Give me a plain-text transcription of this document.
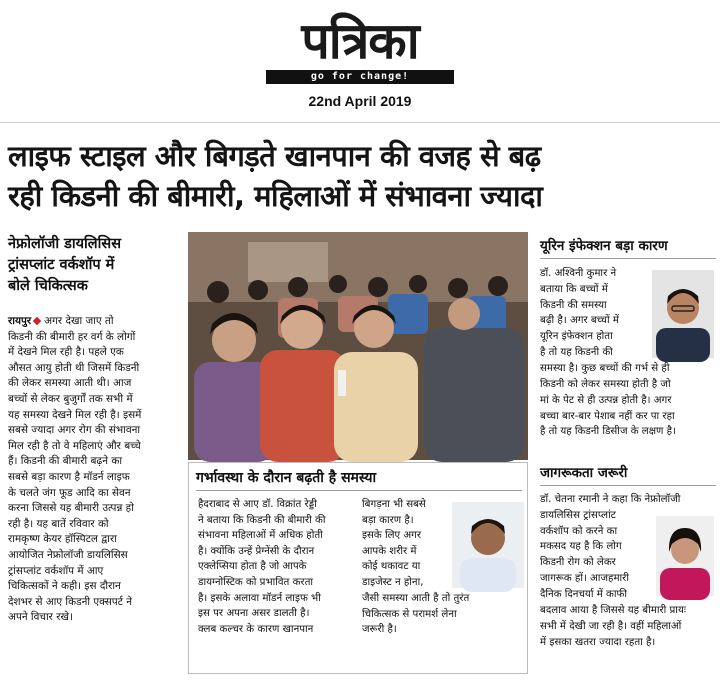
पत्रिका
go for change!
22nd April 2019
लाइफ स्टाइल और बिगड़ते खानपान की वजह से बढ़
रही किडनी की बीमारी, महिलाओं में संभावना ज्यादा
नेफ्रोलॉजी डायलिसिस
ट्रांसप्लांट वर्कशॉप में
बोले चिकित्सक
रायपुर अगर देखा जाए तो
किडनी की बीमारी हर वर्ग के लोगों
में देखने मिल रही है। पहले एक
औसत आयु होती थी जिसमें किडनी
की लेकर समस्या आती थी। आज
बच्चों से लेकर बुजुर्गों तक सभी में
यह समस्या देखने मिल रही है। इसमें
सबसे ज्यादा अगर रोग की संभावना
मिल रही है तो वे महिलाएं और बच्चे
हैं। किडनी की बीमारी बढ़ने का
सबसे बड़ा कारण है मॉडर्न लाइफ
के चलते जंग फूड आदि का सेवन
करना जिससे यह बीमारी उत्पन्न हो
रही है। यह बातें रविवार को
रामकृष्ण केयर हॉस्पिटल द्वारा
आयोजित नेफ्रोलॉजी डायलिसिस
ट्रांसप्लांट वर्कशॉप में आए
चिकित्सकों ने कही। इस दौरान
देशभर से आए किडनी एक्सपर्ट ने
अपने विचार रखे।
गर्भावस्था के दौरान बढ़ती है समस्या
हैदराबाद से आए डॉ. विक्रांत रेड्डी
ने बताया कि किडनी की बीमारी की
संभावना महिलाओं में अधिक होती
है। क्योंकि उन्हें प्रेग्नेंसी के दौरान
एक्लेप्सिया होता है जो आपके
डायग्नोस्टिक को प्रभावित करता
है। इसके अलावा मॉडर्न लाइफ भी
इस पर अपना असर डालती है।
क्लब कल्चर के कारण खानपान
बिगड़ना भी सबसे
बड़ा कारण है।
इसके लिए अगर
आपके शरीर में
कोई थकावट या
डाइजेस्ट न होना,
जैसी समस्या आती है तो तुरंत
चिकित्सक से परामर्श लेना
जरूरी है।
यूरिन इंफेक्शन बड़ा कारण
डॉ. अश्विनी कुमार ने
बताया कि बच्चों में
किडनी की समस्या
बढ़ी है। अगर बच्चों में
यूरिन इंफेक्शन होता
है तो यह किडनी की
समस्या है। कुछ बच्चों की गर्भ से ही
किडनी को लेकर समस्या होती है जो
मां के पेट से ही उत्पन्न होती है। अगर
बच्चा बार-बार पेशाब नहीं कर पा रहा
है तो यह किडनी डिसीज के लक्षण है।
जागरूकता जरूरी
डॉ. चेतना रमानी ने कहा कि नेफ्रोलॉजी
डायलिसिस ट्रांसप्लांट
वर्कशॉप को करने का
मकसद यह है कि लोग
किडनी रोग को लेकर
जागरूक हों। आजहमारी
दैनिक दिनचर्या में काफी
बदलाव आया है जिससे यह बीमारी प्रायः
सभी में देखी जा रही है। वहीं महिलाओं
में इसका खतरा ज्यादा रहता है।
